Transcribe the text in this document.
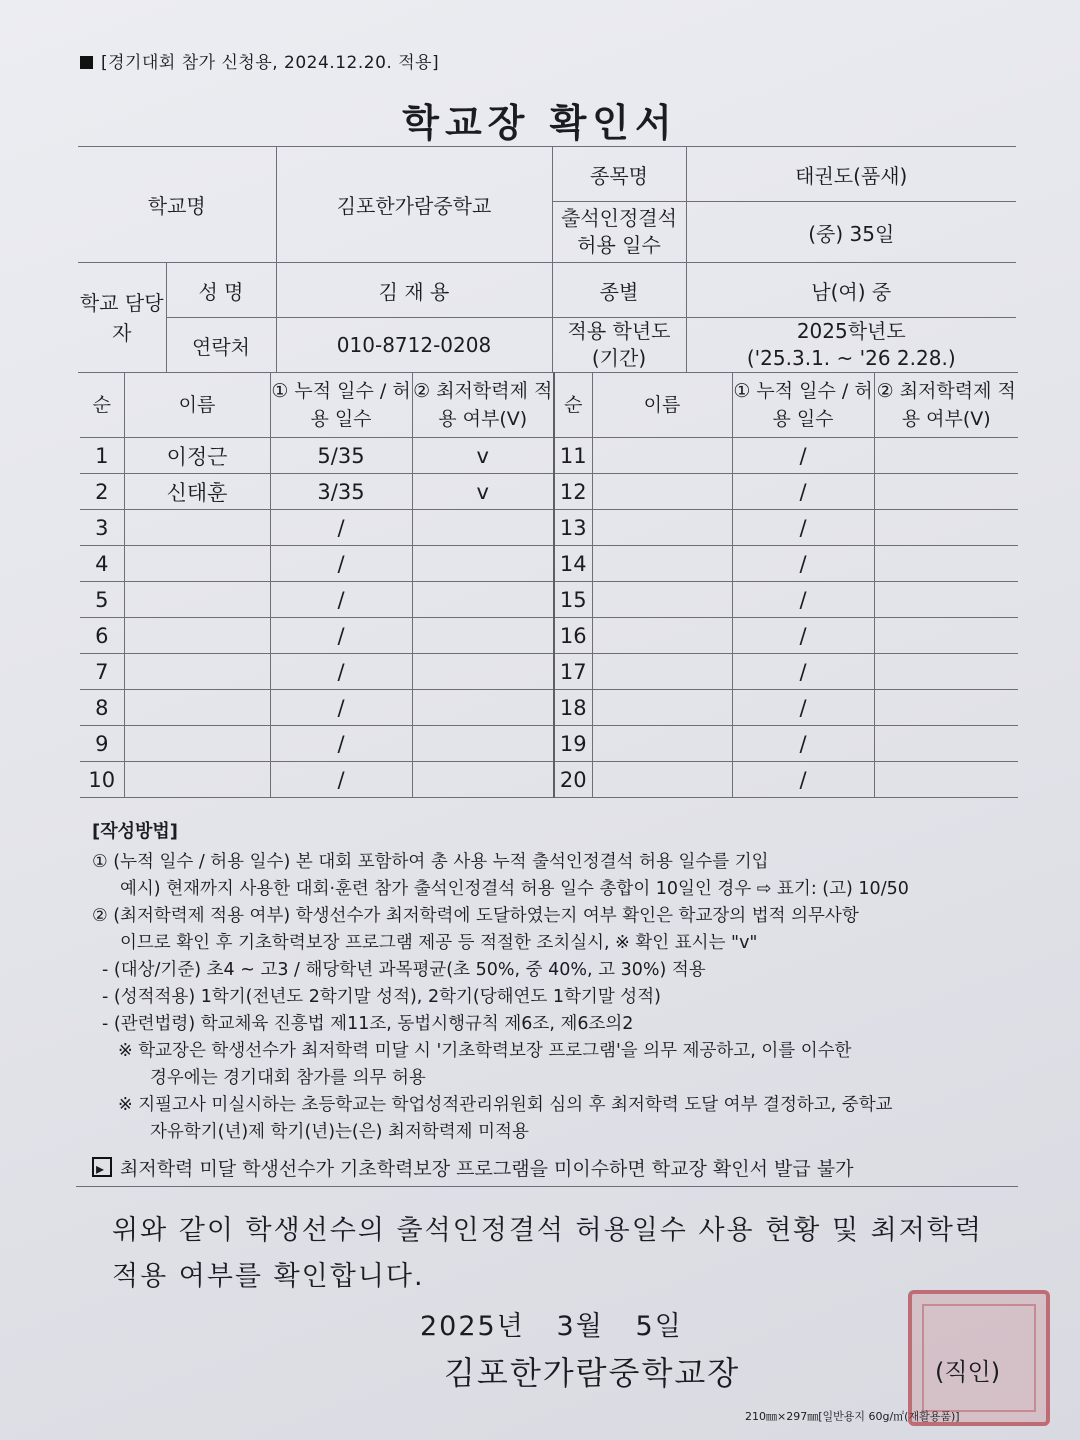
[경기대회 참가 신청용, 2024.12.20. 적용]
학교장 확인서
학교명		김포한가람중학교	종목명	태권도(품새)
			출석인정결석 허용 일수	(중) 35일
학교 담당자	성 명	김 재 용	종별	남(여) 중
	연락처	010-8712-0208	적용 학년도 (기간)	2025학년도
('25.3.1. ~ '26 2.28.)
순	이름	① 누적 일수 / 허용 일수	② 최저학력제 적용 여부(V)	순	이름	① 누적 일수 / 허용 일수	② 최저학력제 적용 여부(V)
1	이정근	5/35	v	11		/	
2	신태훈	3/35	v	12		/	
3		/		13		/	
4		/		14		/	
5		/		15		/	
6		/		16		/	
7		/		17		/	
8		/		18		/	
9		/		19		/	
10		/		20		/	
[작성방법]
① (누적 일수 / 허용 일수) 본 대회 포함하여 총 사용 누적 출석인정결석 허용 일수를 기입
예시) 현재까지 사용한 대회·훈련 참가 출석인정결석 허용 일수 총합이 10일인 경우 ⇨ 표기: (고) 10/50
② (최저학력제 적용 여부) 학생선수가 최저학력에 도달하였는지 여부 확인은 학교장의 법적 의무사항
이므로 확인 후 기초학력보장 프로그램 제공 등 적절한 조치실시, ※ 확인 표시는 "v"
- (대상/기준) 초4 ~ 고3 / 해당학년 과목평균(초 50%, 중 40%, 고 30%) 적용
- (성적적용) 1학기(전년도 2학기말 성적), 2학기(당해연도 1학기말 성적)
- (관련법령) 학교체육 진흥법 제11조, 동법시행규칙 제6조, 제6조의2
※ 학교장은 학생선수가 최저학력 미달 시 '기초학력보장 프로그램'을 의무 제공하고, 이를 이수한
경우에는 경기대회 참가를 의무 허용
※ 지필고사 미실시하는 초등학교는 학업성적관리위원회 심의 후 최저학력 도달 여부 결정하고, 중학교
자유학기(년)제 학기(년)는(은) 최저학력제 미적용
▸최저학력 미달 학생선수가 기초학력보장 프로그램을 미이수하면 학교장 확인서 발급 불가
위와 같이 학생선수의 출석인정결석 허용일수 사용 현황 및 최저학력 적용 여부를 확인합니다.
2025년   3월   5일
김포한가람중학교장	(직인)
210㎜×297㎜[일반용지 60g/㎡(재활용품)]
